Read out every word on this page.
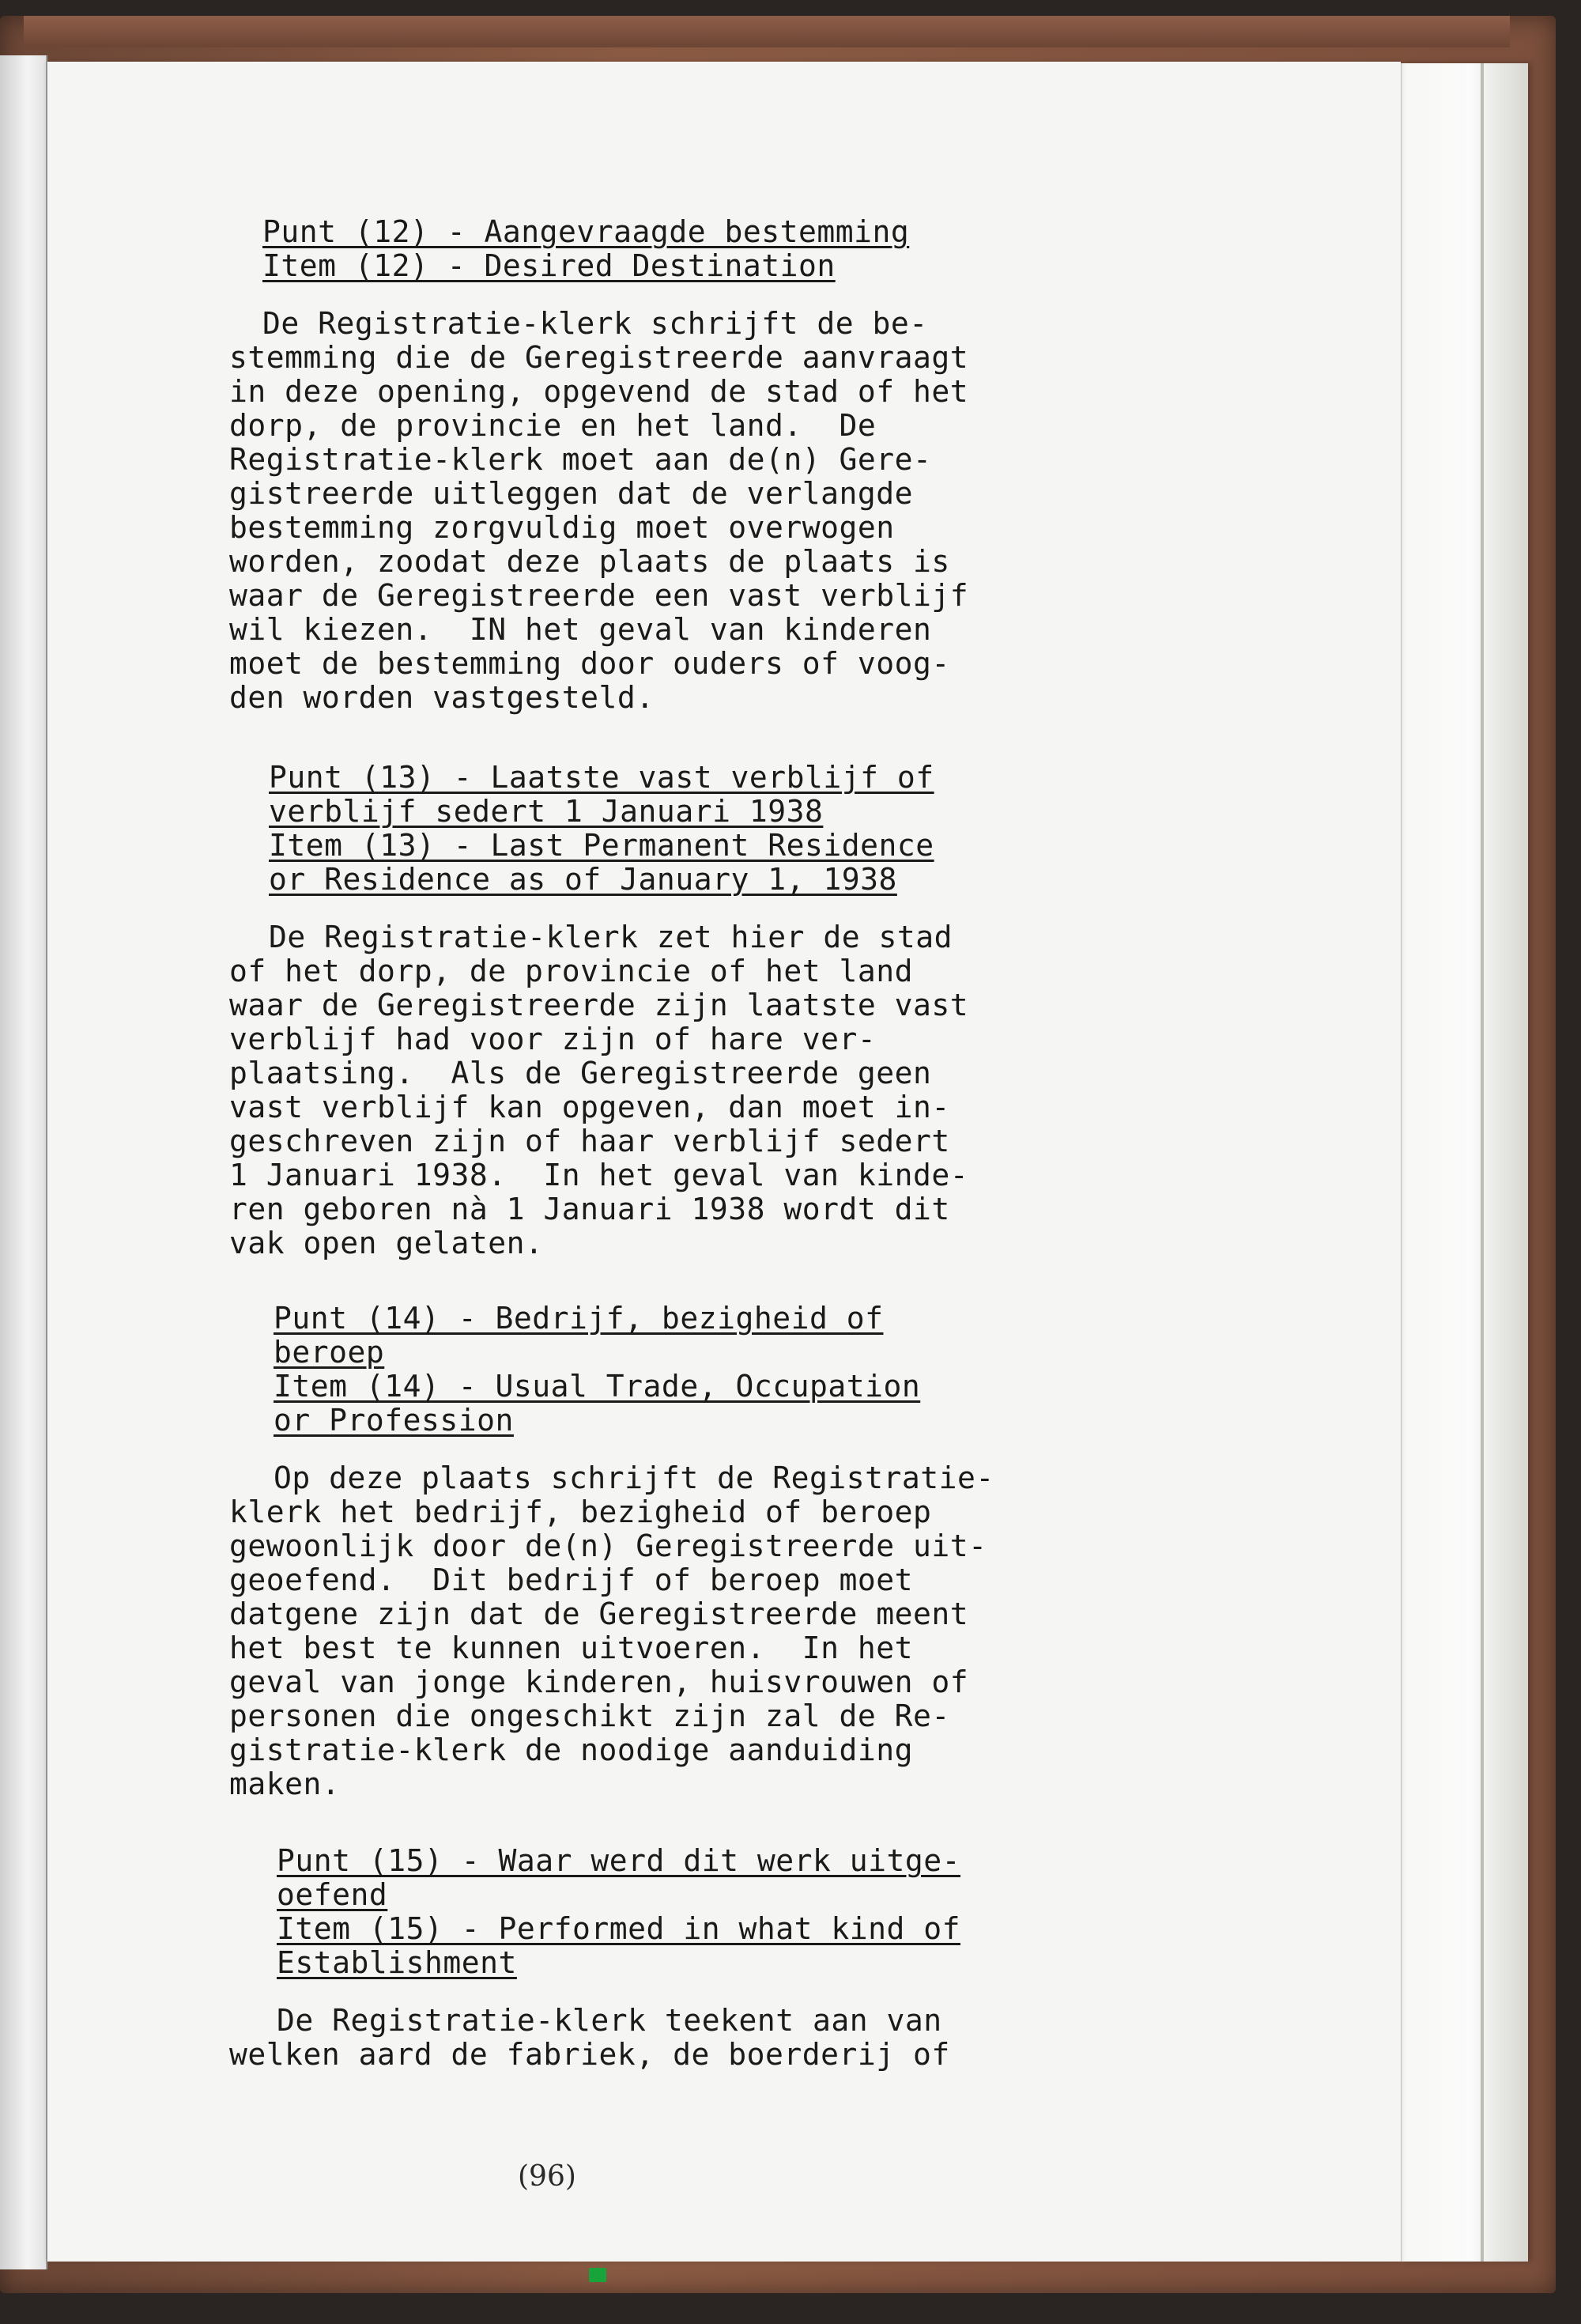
Punt (12) - Aangevraagde bestemming
Item (12) - Desired Destination
De Registratie-klerk schrijft de be-
stemming die de Geregistreerde aanvraagt
in deze opening, opgevend de stad of het
dorp, de provincie en het land.  De
Registratie-klerk moet aan de(n) Gere-
gistreerde uitleggen dat de verlangde
bestemming zorgvuldig moet overwogen
worden, zoodat deze plaats de plaats is
waar de Geregistreerde een vast verblijf
wil kiezen.  IN het geval van kinderen
moet de bestemming door ouders of voog-
den worden vastgesteld.
Punt (13) - Laatste vast verblijf of
verblijf sedert 1 Januari 1938
Item (13) - Last Permanent Residence
or Residence as of January 1, 1938
De Registratie-klerk zet hier de stad
of het dorp, de provincie of het land
waar de Geregistreerde zijn laatste vast
verblijf had voor zijn of hare ver-
plaatsing.  Als de Geregistreerde geen
vast verblijf kan opgeven, dan moet in-
geschreven zijn of haar verblijf sedert
1 Januari 1938.  In het geval van kinde-
ren geboren nà 1 Januari 1938 wordt dit
vak open gelaten.
Punt (14) - Bedrijf, bezigheid of
beroep
Item (14) - Usual Trade, Occupation
or Profession
Op deze plaats schrijft de Registratie-
klerk het bedrijf, bezigheid of beroep
gewoonlijk door de(n) Geregistreerde uit-
geoefend.  Dit bedrijf of beroep moet
datgene zijn dat de Geregistreerde meent
het best te kunnen uitvoeren.  In het
geval van jonge kinderen, huisvrouwen of
personen die ongeschikt zijn zal de Re-
gistratie-klerk de noodige aanduiding
maken.
Punt (15) - Waar werd dit werk uitge-
oefend
Item (15) - Performed in what kind of
Establishment
De Registratie-klerk teekent aan van
welken aard de fabriek, de boerderij of
(96)
